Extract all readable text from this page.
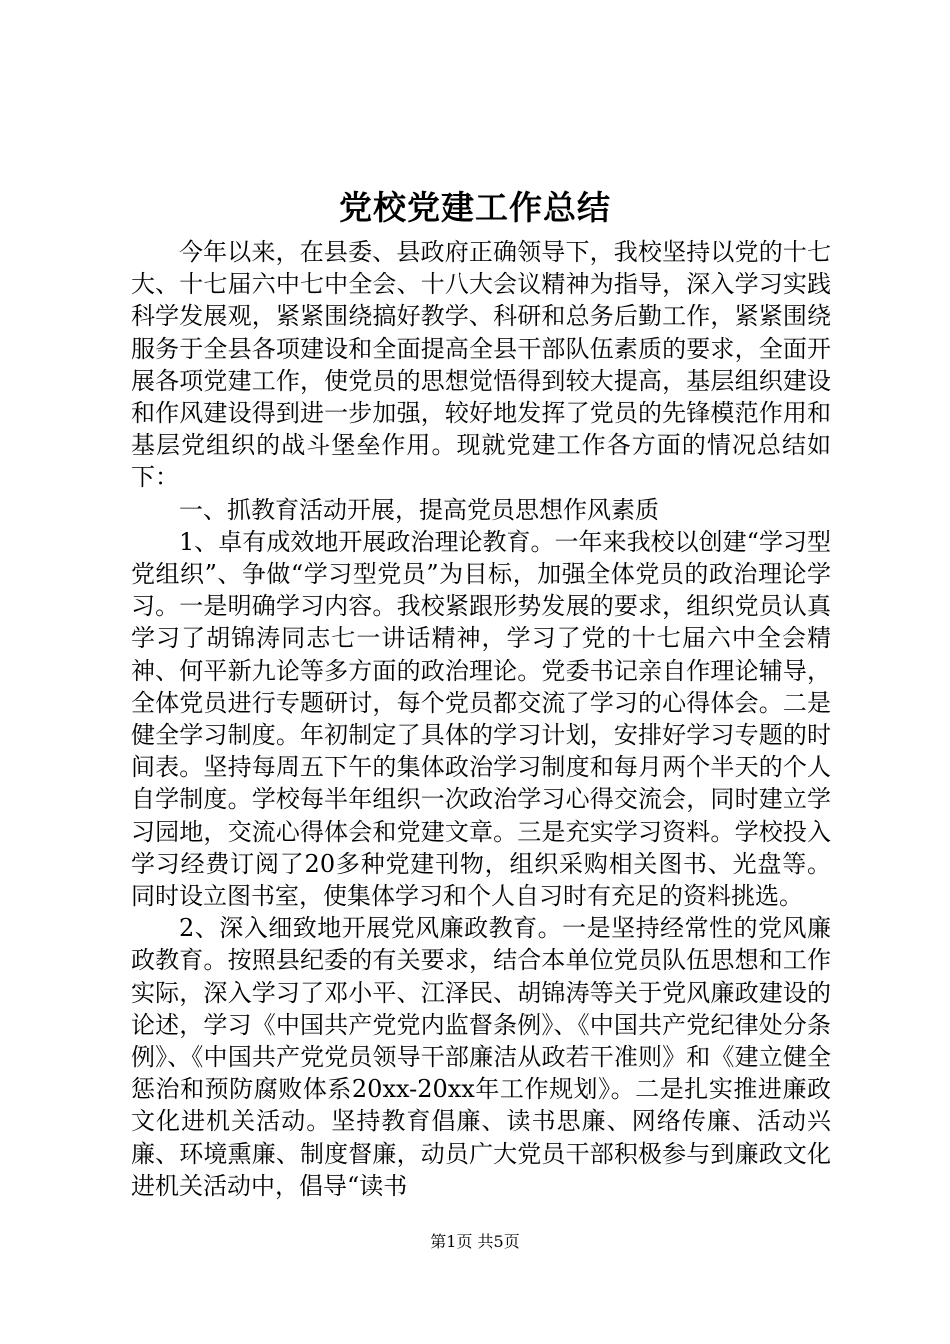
党校党建工作总结

今年以来，在县委、县政府正确领导下，我校坚持以党的十七大、十七届六中七中全会、十八大会议精神为指导，深入学习实践科学发展观，紧紧围绕搞好教学、科研和总务后勤工作，紧紧围绕服务于全县各项建设和全面提高全县干部队伍素质的要求，全面开展各项党建工作，使党员的思想觉悟得到较大提高，基层组织建设和作风建设得到进一步加强，较好地发挥了党员的先锋模范作用和基层党组织的战斗堡垒作用。现就党建工作各方面的情况总结如下：

一、抓教育活动开展，提高党员思想作风素质

1、卓有成效地开展政治理论教育。一年来我校以创建“学习型党组织”、争做“学习型党员”为目标，加强全体党员的政治理论学习。一是明确学习内容。我校紧跟形势发展的要求，组织党员认真学习了胡锦涛同志七一讲话精神，学习了党的十七届六中全会精神、何平新九论等多方面的政治理论。党委书记亲自作理论辅导，全体党员进行专题研讨，每个党员都交流了学习的心得体会。二是健全学习制度。年初制定了具体的学习计划，安排好学习专题的时间表。坚持每周五下午的集体政治学习制度和每月两个半天的个人自学制度。学校每半年组织一次政治学习心得交流会，同时建立学习园地，交流心得体会和党建文章。三是充实学习资料。学校投入学习经费订阅了20多种党建刊物，组织采购相关图书、光盘等。同时设立图书室，使集体学习和个人自习时有充足的资料挑选。

2、深入细致地开展党风廉政教育。一是坚持经常性的党风廉政教育。按照县纪委的有关要求，结合本单位党员队伍思想和工作实际，深入学习了邓小平、江泽民、胡锦涛等关于党风廉政建设的论述，学习《中国共产党党内监督条例》、《中国共产党纪律处分条例》、《中国共产党党员领导干部廉洁从政若干准则》和《建立健全惩治和预防腐败体系20xx-20xx年工作规划》。二是扎实推进廉政文化进机关活动。坚持教育倡廉、读书思廉、网络传廉、活动兴廉、环境熏廉、制度督廉，动员广大党员干部积极参与到廉政文化进机关活动中，倡导“读书

第1页 共5页
